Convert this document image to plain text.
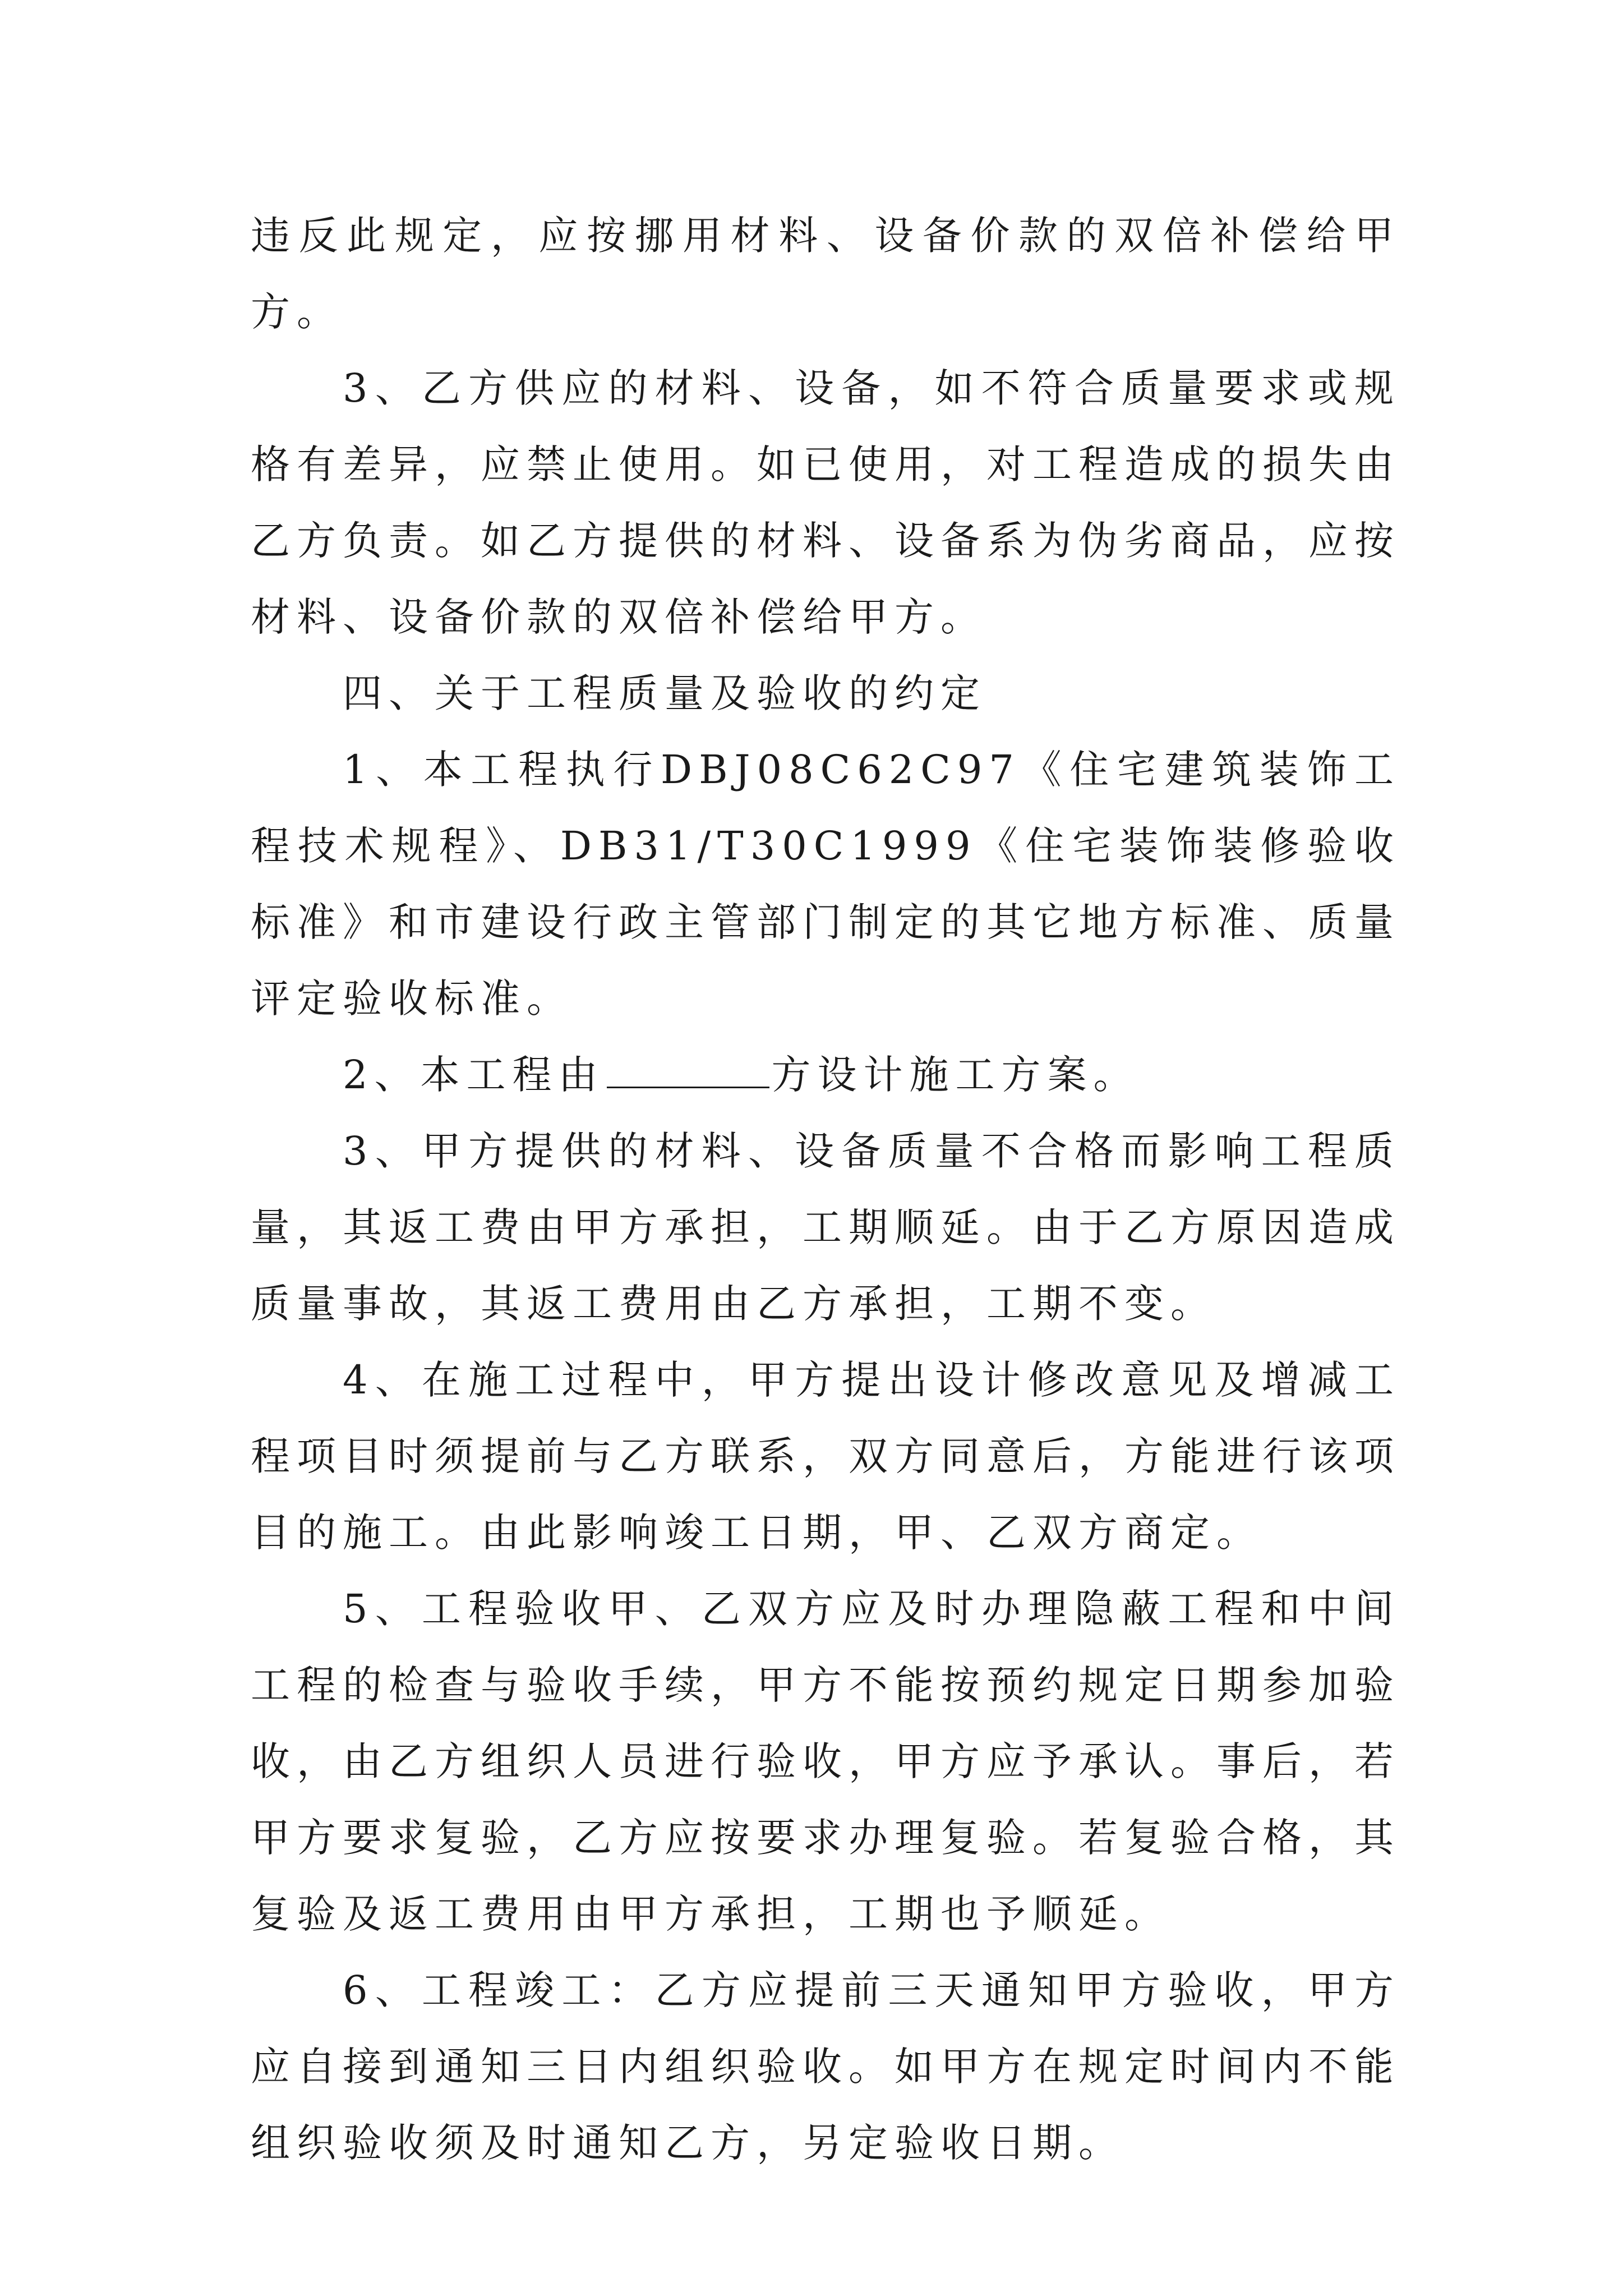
违反此规定，应按挪用材料、设备价款的双倍补偿给甲方。

3、乙方供应的材料、设备，如不符合质量要求或规格有差异，应禁止使用。如已使用，对工程造成的损失由乙方负责。如乙方提供的材料、设备系为伪劣商品，应按材料、设备价款的双倍补偿给甲方。

四、关于工程质量及验收的约定

1、本工程执行DBJ08C62C97《住宅建筑装饰工程技术规程》、DB31/T30C1999《住宅装饰装修验收标准》和市建设行政主管部门制定的其它地方标准、质量评定验收标准。

2、本工程由	方设计施工方案。

3、甲方提供的材料、设备质量不合格而影响工程质量，其返工费由甲方承担，工期顺延。由于乙方原因造成质量事故，其返工费用由乙方承担，工期不变。

4、在施工过程中，甲方提出设计修改意见及增减工程项目时须提前与乙方联系，双方同意后，方能进行该项目的施工。由此影响竣工日期，甲、乙双方商定。

5、工程验收甲、乙双方应及时办理隐蔽工程和中间工程的检查与验收手续，甲方不能按预约规定日期参加验收，由乙方组织人员进行验收，甲方应予承认。事后，若甲方要求复验，乙方应按要求办理复验。若复验合格，其复验及返工费用由甲方承担，工期也予顺延。

6、工程竣工：乙方应提前三天通知甲方验收，甲方应自接到通知三日内组织验收。如甲方在规定时间内不能组织验收须及时通知乙方，另定验收日期。
